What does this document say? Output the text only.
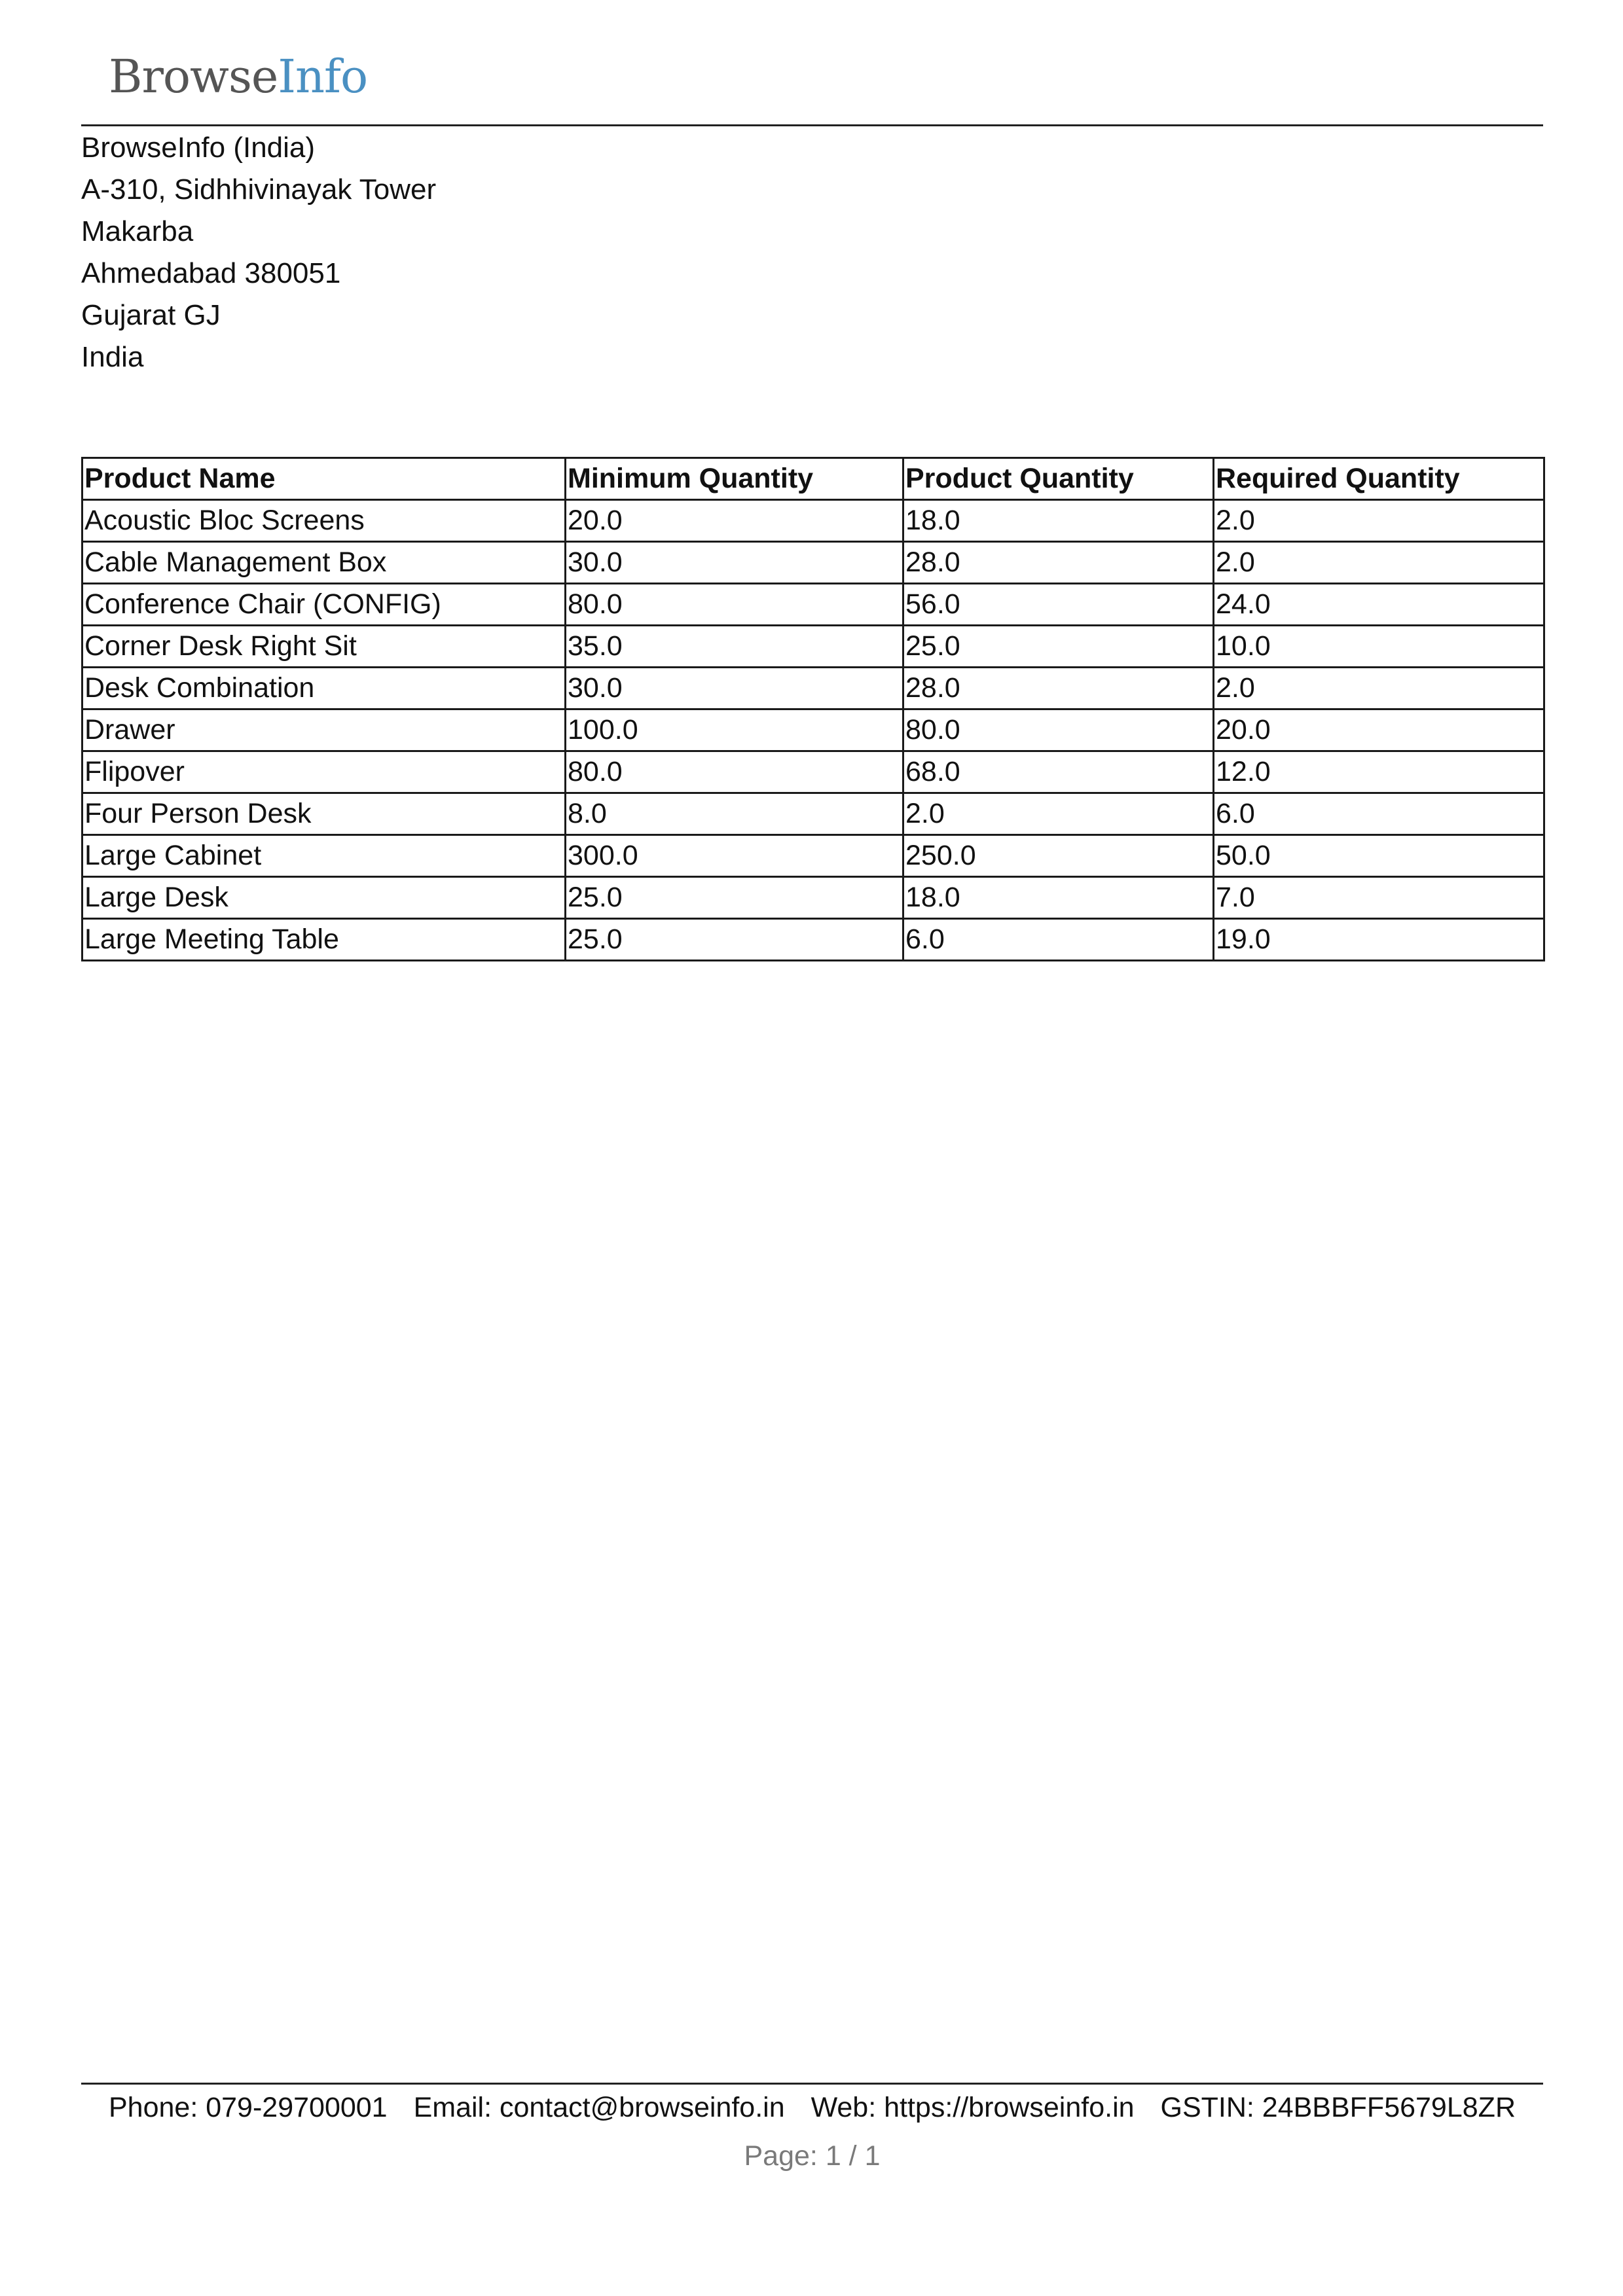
BrowseInfo
BrowseInfo (India)
A-310, Sidhhivinayak Tower
Makarba
Ahmedabad 380051
Gujarat GJ
India
Product Name	Minimum Quantity	Product Quantity	Required Quantity
Acoustic Bloc Screens	20.0	18.0	2.0
Cable Management Box	30.0	28.0	2.0
Conference Chair (CONFIG)	80.0	56.0	24.0
Corner Desk Right Sit	35.0	25.0	10.0
Desk Combination	30.0	28.0	2.0
Drawer	100.0	80.0	20.0
Flipover	80.0	68.0	12.0
Four Person Desk	8.0	2.0	6.0
Large Cabinet	300.0	250.0	50.0
Large Desk	25.0	18.0	7.0
Large Meeting Table	25.0	6.0	19.0
Phone: 079-29700001 Email: contact@browseinfo.in Web: https://browseinfo.in GSTIN: 24BBBFF5679L8ZR
Page: 1 / 1
